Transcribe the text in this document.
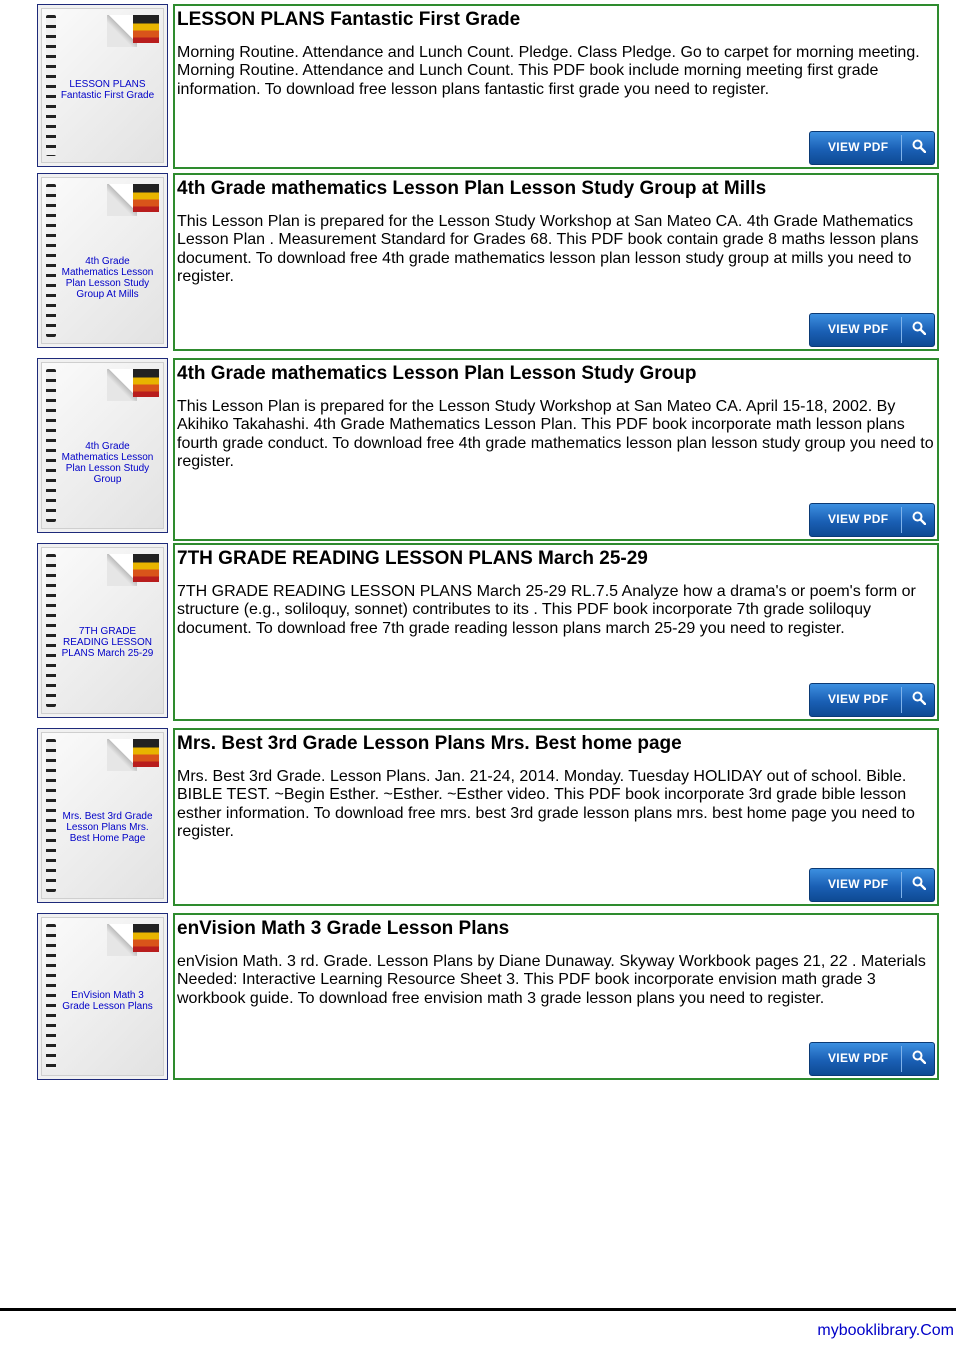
LESSON PLANS Fantastic First Grade
LESSON PLANS Fantastic First Grade
Morning Routine. Attendance and Lunch Count. Pledge. Class Pledge. Go to carpet for morning meeting. Morning Routine. Attendance and Lunch Count. This PDF book include morning meeting first grade information. To download free lesson plans fantastic first grade you need to register.
VIEW PDF
4th Grade Mathematics Lesson Plan Lesson Study Group At Mills
4th Grade mathematics Lesson Plan Lesson Study Group at Mills
This Lesson Plan is prepared for the Lesson Study Workshop at San Mateo CA. 4th Grade Mathematics Lesson Plan . Measurement Standard for Grades 68. This PDF book contain grade 8 maths lesson plans document. To download free 4th grade mathematics lesson plan lesson study group at mills you need to register.
VIEW PDF
4th Grade Mathematics Lesson Plan Lesson Study Group
4th Grade mathematics Lesson Plan Lesson Study Group
This Lesson Plan is prepared for the Lesson Study Workshop at San Mateo CA. April 15-18, 2002. By Akihiko Takahashi. 4th Grade Mathematics Lesson Plan. This PDF book incorporate math lesson plans fourth grade conduct. To download free 4th grade mathematics lesson plan lesson study group you need to register.
VIEW PDF
7TH GRADE READING LESSON PLANS March 25-29
7TH GRADE READING LESSON PLANS March 25-29
7TH GRADE READING LESSON PLANS March 25-29 RL.7.5 Analyze how a drama's or poem's form or structure (e.g., soliloquy, sonnet) contributes to its . This PDF book incorporate 7th grade soliloquy document. To download free 7th grade reading lesson plans march 25-29 you need to register.
VIEW PDF
Mrs. Best 3rd Grade Lesson Plans Mrs. Best Home Page
Mrs. Best 3rd Grade Lesson Plans Mrs. Best home page
Mrs. Best 3rd Grade. Lesson Plans. Jan. 21-24, 2014. Monday. Tuesday HOLIDAY out of school. Bible. BIBLE TEST. ~Begin Esther. ~Esther. ~Esther video. This PDF book incorporate 3rd grade bible lesson esther information. To download free mrs. best 3rd grade lesson plans mrs. best home page you need to register.
VIEW PDF
EnVision Math 3 Grade Lesson Plans
enVision Math 3 Grade Lesson Plans
enVision Math. 3 rd. Grade. Lesson Plans by Diane Dunaway. Skyway Workbook pages 21, 22 . Materials Needed: Interactive Learning Resource Sheet 3. This PDF book incorporate envision math grade 3 workbook guide. To download free envision math 3 grade lesson plans you need to register.
VIEW PDF
mybooklibrary.Com
